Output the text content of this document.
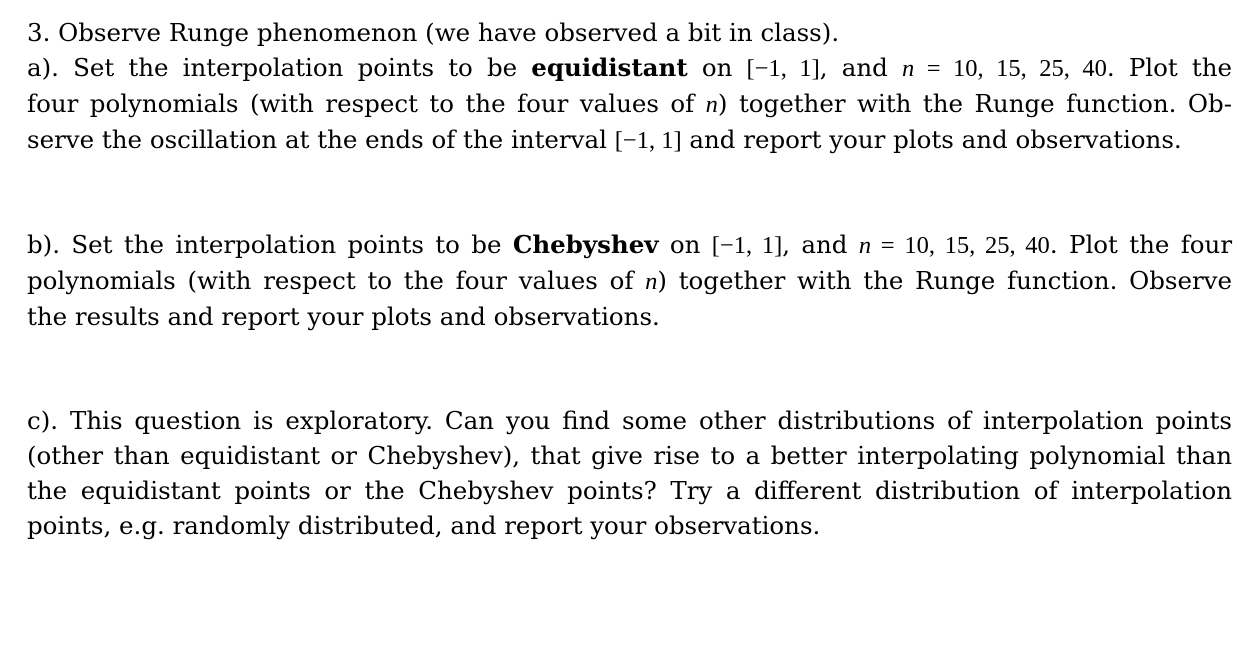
3. Observe Runge phenomenon (we have observed a bit in class).
a). Set the interpolation points to be equidistant on [−1, 1], and n = 10, 15, 25, 40. Plot the
four polynomials (with respect to the four values of n) together with the Runge function. Ob-
serve the oscillation at the ends of the interval [−1, 1] and report your plots and observations.
b). Set the interpolation points to be Chebyshev on [−1, 1], and n = 10, 15, 25, 40. Plot the four
polynomials (with respect to the four values of n) together with the Runge function. Observe
the results and report your plots and observations.
c). This question is exploratory. Can you find some other distributions of interpolation points
(other than equidistant or Chebyshev), that give rise to a better interpolating polynomial than
the equidistant points or the Chebyshev points? Try a different distribution of interpolation
points, e.g. randomly distributed, and report your observations.
